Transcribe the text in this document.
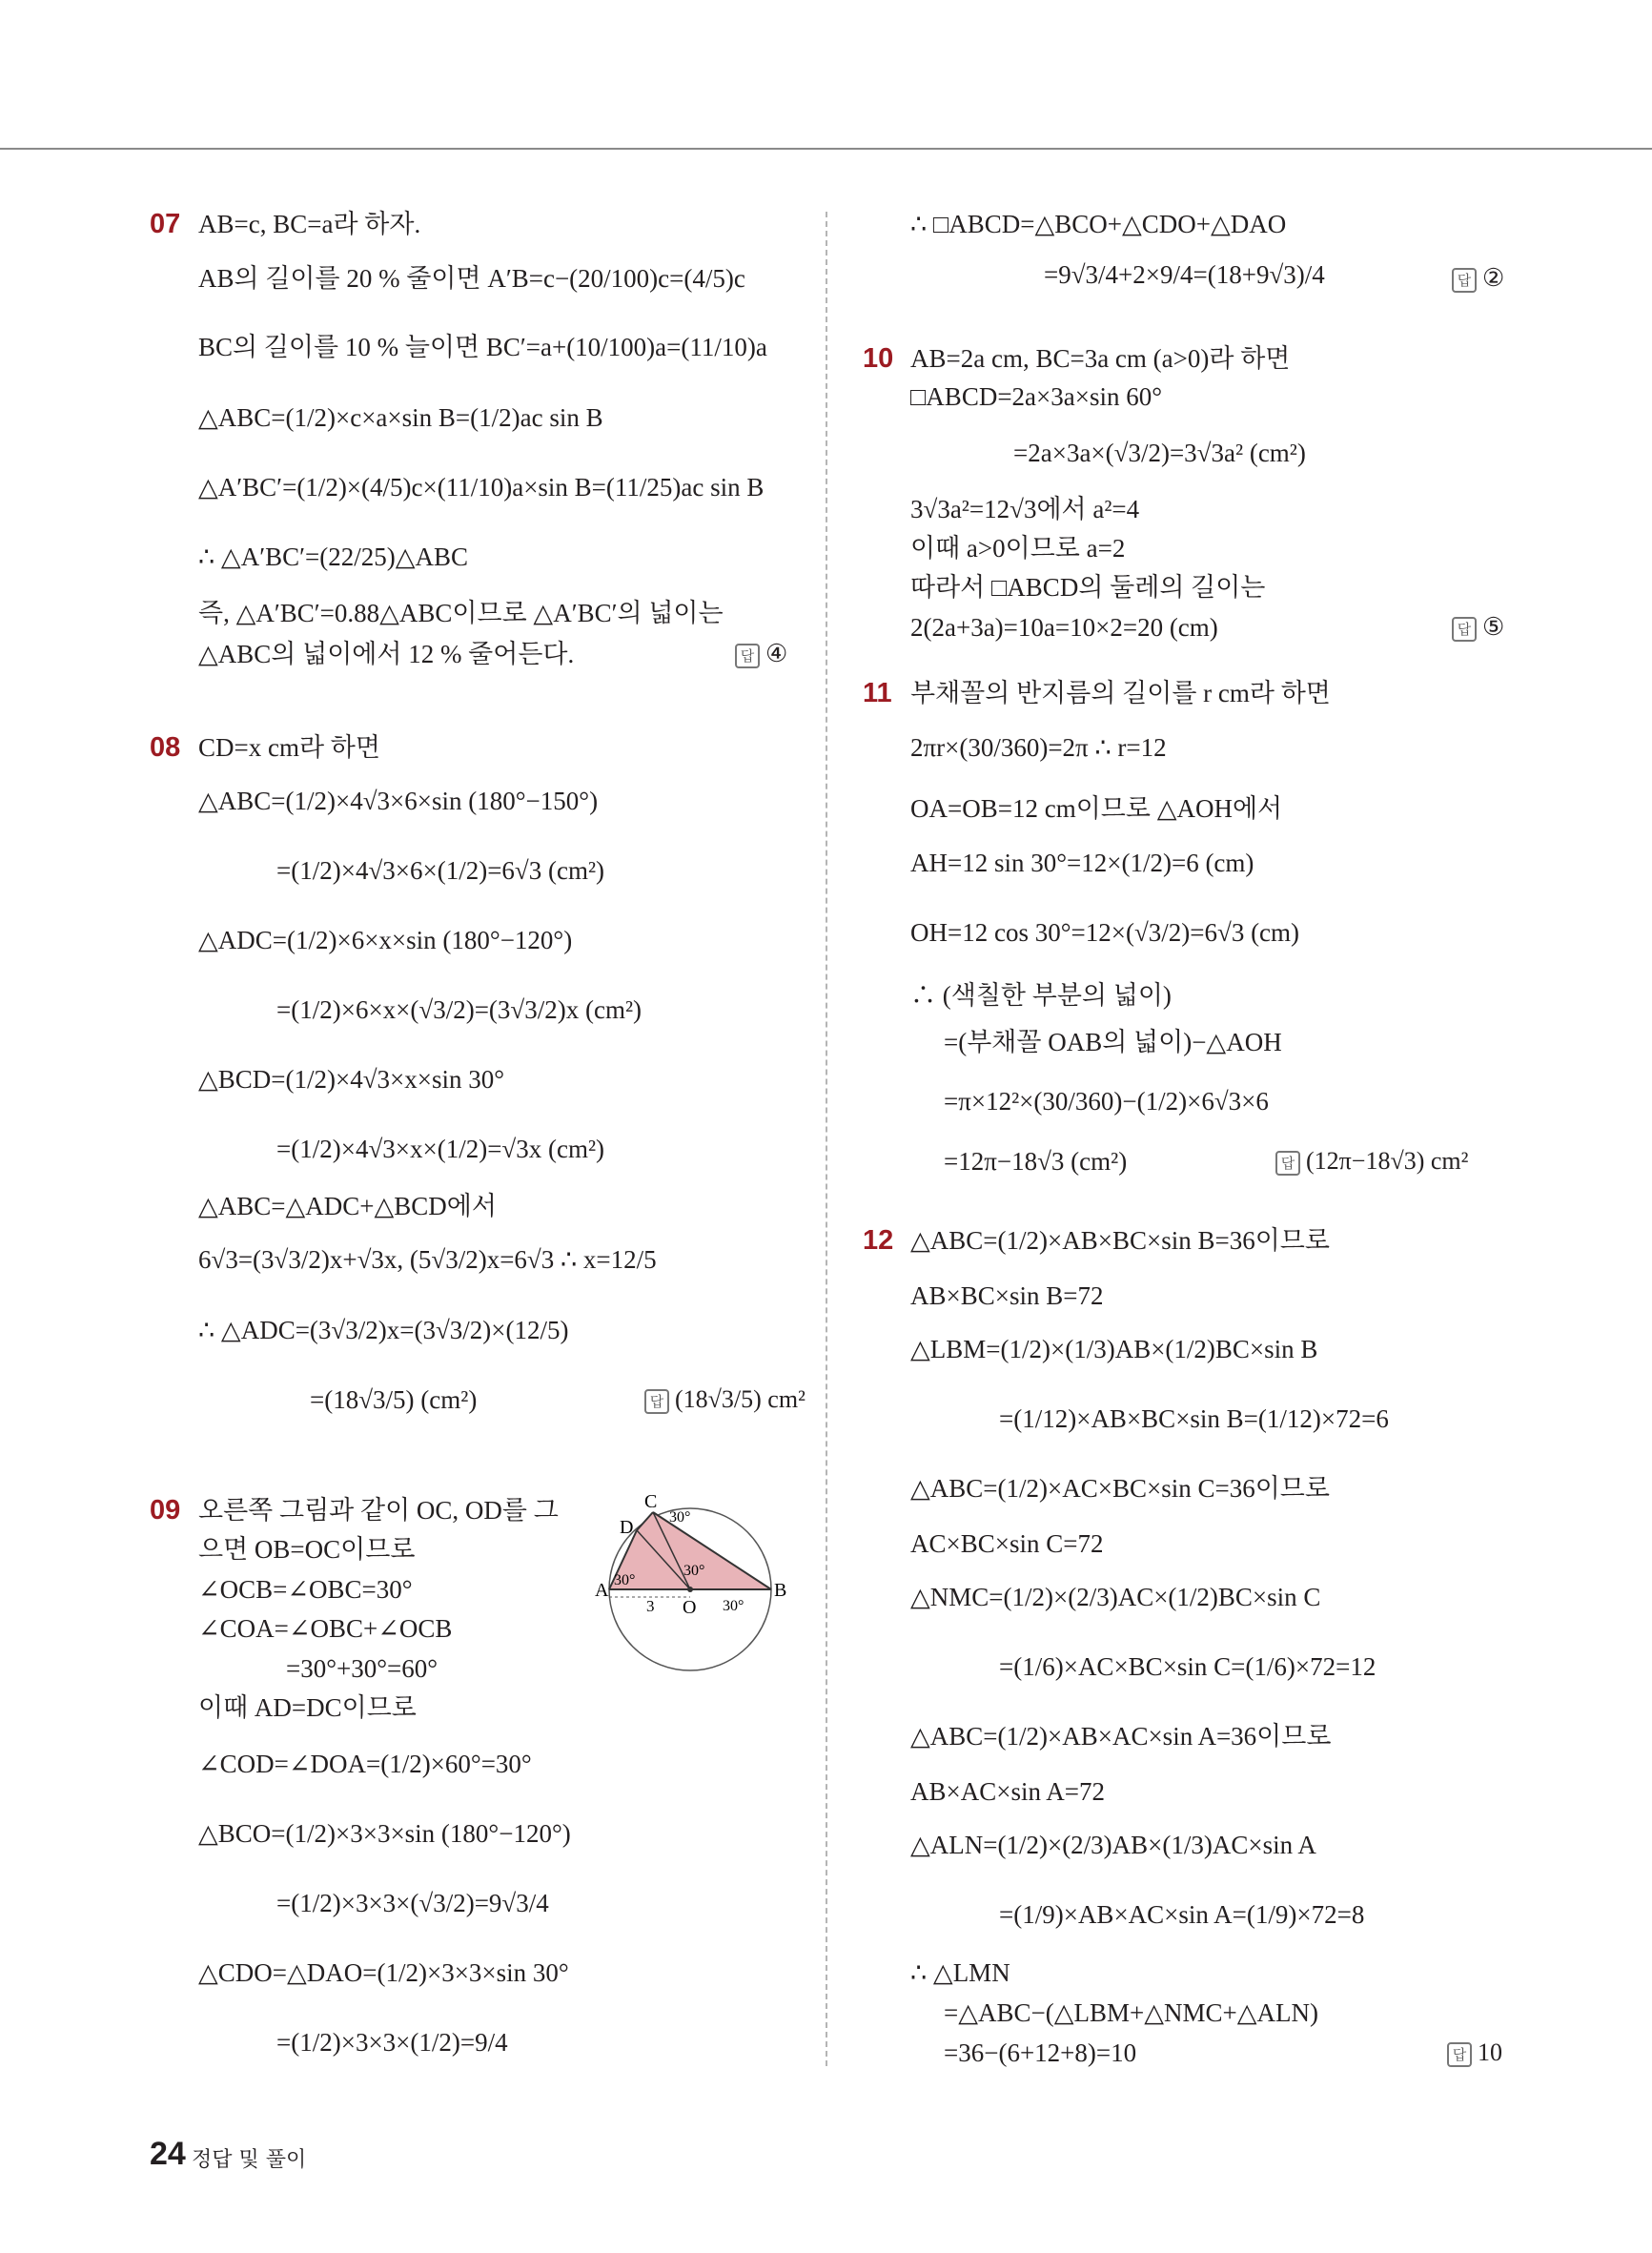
07 AB=c, BC=a라 하자.
AB의 길이를 20 % 줄이면 A′B=c−(20/100)c=(4/5)c
BC의 길이를 10 % 늘이면 BC′=a+(10/100)a=(11/10)a
△ABC=(1/2)×c×a×sin B=(1/2)ac sin B
△A′BC′=(1/2)×(4/5)c×(11/10)a×sin B=(11/25)ac sin B
∴ △A′BC′=(22/25)△ABC
즉, △A′BC′=0.88△ABC이므로 △A′BC′의 넓이는
△ABC의 넓이에서 12 % 줄어든다.	답 ④
08 CD=x cm라 하면
△ABC=(1/2)×4√3×6×sin (180°−150°)
=(1/2)×4√3×6×(1/2)=6√3 (cm²)
△ADC=(1/2)×6×x×sin (180°−120°)
=(1/2)×6×x×(√3/2)=(3√3/2)x (cm²)
△BCD=(1/2)×4√3×x×sin 30°
=(1/2)×4√3×x×(1/2)=√3x (cm²)
△ABC=△ADC+△BCD에서
6√3=(3√3/2)x+√3x, (5√3/2)x=6√3 ∴ x=12/5
∴ △ADC=(3√3/2)x=(3√3/2)×(12/5)
=(18√3/5) (cm²)	답 (18√3/5) cm²
09 오른쪽 그림과 같이 OC, OD를 그
으면 OB=OC이므로
∠OCB=∠OBC=30°
∠COA=∠OBC+∠OCB
=30°+30°=60°
이때 AD=DC이므로
∠COD=∠DOA=(1/2)×60°=30°
△BCO=(1/2)×3×3×sin (180°−120°)
=(1/2)×3×3×(√3/2)=9√3/4
△CDO=△DAO=(1/2)×3×3×sin 30°
=(1/2)×3×3×(1/2)=9/4
A	B
C
D
O
3
30°
30°
30°
30°
∴ □ABCD=△BCO+△CDO+△DAO
=9√3/4+2×9/4=(18+9√3)/4	답 ②
10 AB=2a cm, BC=3a cm (a>0)라 하면
□ABCD=2a×3a×sin 60°
=2a×3a×(√3/2)=3√3a² (cm²)
3√3a²=12√3에서 a²=4
이때 a>0이므로 a=2
따라서 □ABCD의 둘레의 길이는
2(2a+3a)=10a=10×2=20 (cm)	답 ⑤
11 부채꼴의 반지름의 길이를 r cm라 하면
2πr×(30/360)=2π ∴ r=12
OA=OB=12 cm이므로 △AOH에서
AH=12 sin 30°=12×(1/2)=6 (cm)
OH=12 cos 30°=12×(√3/2)=6√3 (cm)
∴ (색칠한 부분의 넓이)
=(부채꼴 OAB의 넓이)−△AOH
=π×12²×(30/360)−(1/2)×6√3×6
=12π−18√3 (cm²)	답 (12π−18√3) cm²
12 △ABC=(1/2)×AB×BC×sin B=36이므로
AB×BC×sin B=72
△LBM=(1/2)×(1/3)AB×(1/2)BC×sin B
=(1/12)×AB×BC×sin B=(1/12)×72=6
△ABC=(1/2)×AC×BC×sin C=36이므로
AC×BC×sin C=72
△NMC=(1/2)×(2/3)AC×(1/2)BC×sin C
=(1/6)×AC×BC×sin C=(1/6)×72=12
△ABC=(1/2)×AB×AC×sin A=36이므로
AB×AC×sin A=72
△ALN=(1/2)×(2/3)AB×(1/3)AC×sin A
=(1/9)×AB×AC×sin A=(1/9)×72=8
∴ △LMN
=△ABC−(△LBM+△NMC+△ALN)
=36−(6+12+8)=10	답 10
24 정답 및 풀이
